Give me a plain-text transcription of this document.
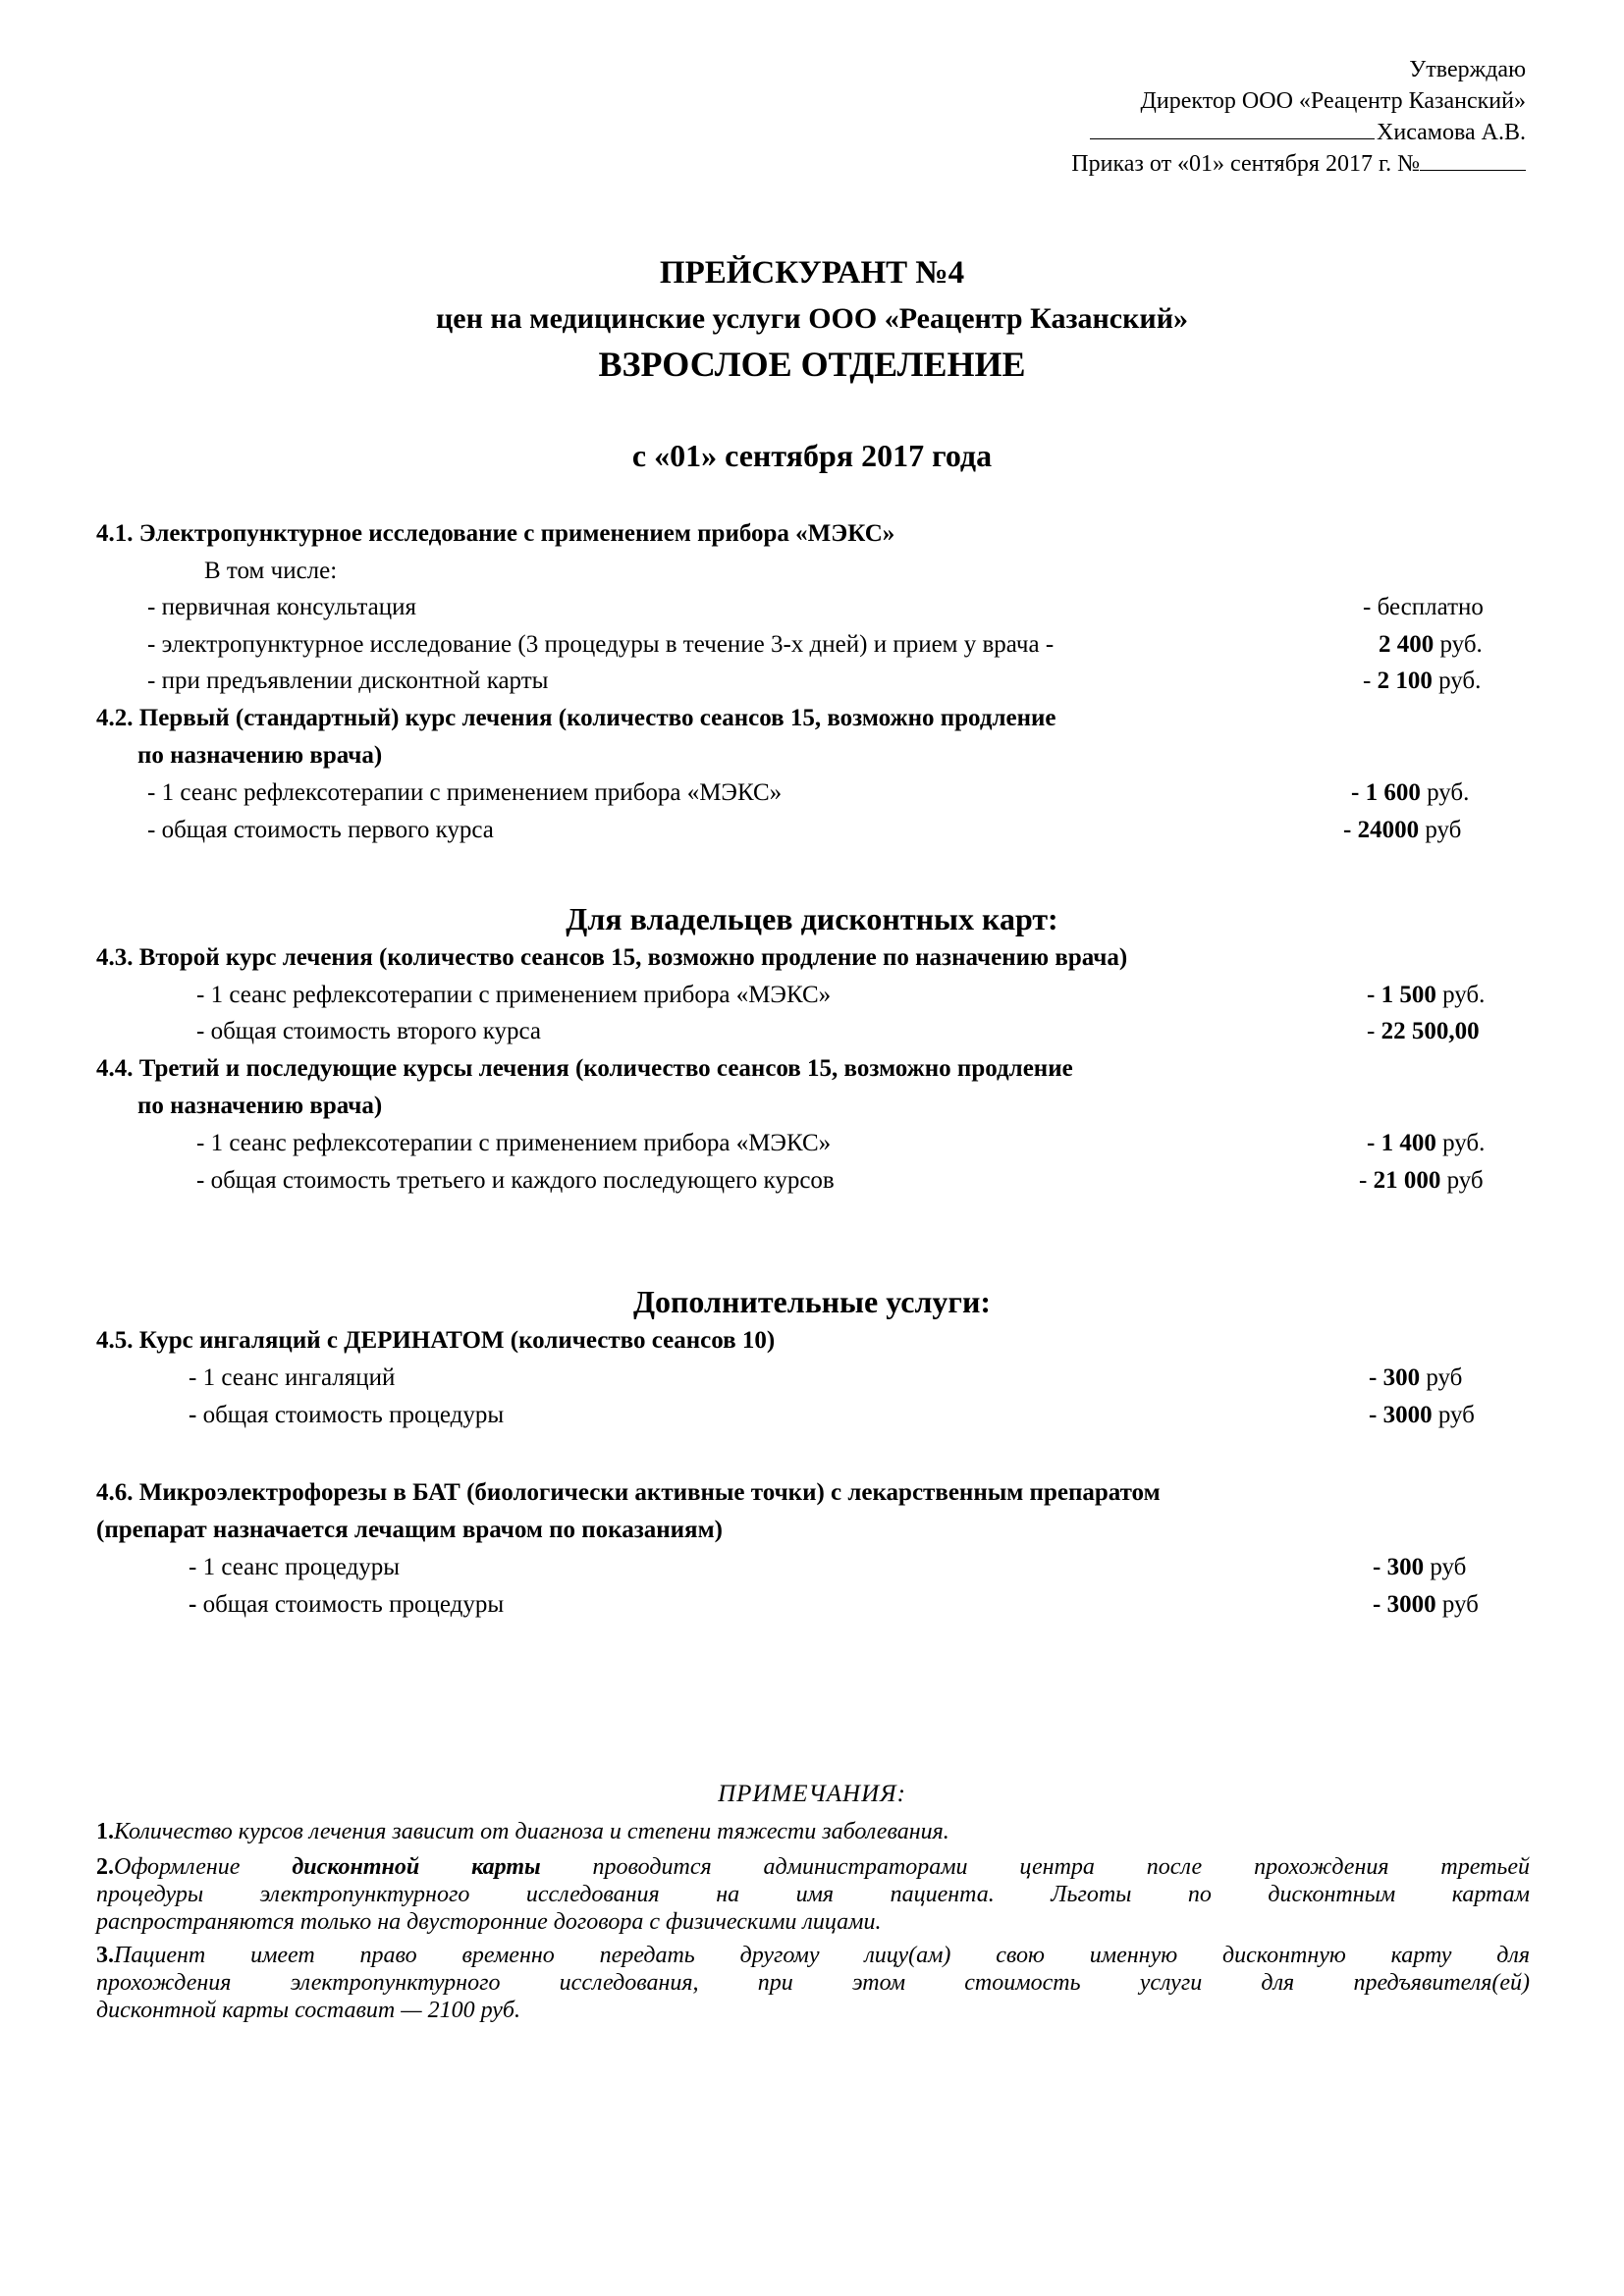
Утверждаю
Директор ООО «Реацентр Казанский»
Хисамова А.В.
Приказ от «01» сентября 2017 г. №
ПРЕЙСКУРАНТ №4
цен на медицинские услуги ООО «Реацентр Казанский»
ВЗРОСЛОЕ ОТДЕЛЕНИЕ
с «01» сентября 2017 года
4.1. Электропунктурное исследование с применением прибора «МЭКС»
В том числе:
- первичная консультация	- бесплатно
- электропунктурное исследование (3 процедуры в течение 3-х дней) и прием у врача -	2 400 руб.
- при предъявлении дисконтной карты	- 2 100 руб.
4.2. Первый (стандартный) курс лечения (количество сеансов 15, возможно продление
по назначению врача)
- 1 сеанс рефлексотерапии с применением прибора «МЭКС»	- 1 600 руб.
- общая стоимость первого курса	- 24000 руб
Для владельцев дисконтных карт:
4.3. Второй курс лечения (количество сеансов 15, возможно продление по назначению врача)
- 1 сеанс рефлексотерапии с применением прибора «МЭКС»	- 1 500 руб.
- общая стоимость второго курса	- 22 500,00
4.4. Третий и последующие курсы лечения (количество сеансов 15, возможно продление
по назначению врача)
- 1 сеанс рефлексотерапии с применением прибора «МЭКС»	- 1 400 руб.
- общая стоимость третьего и каждого последующего курсов	- 21 000 руб
Дополнительные услуги:
4.5. Курс ингаляций с ДЕРИНАТОМ (количество сеансов 10)
- 1 сеанс ингаляций	- 300 руб
- общая стоимость процедуры	- 3000 руб
4.6. Микроэлектрофорезы в БАТ (биологически активные точки) с лекарственным препаратом
(препарат назначается лечащим врачом по показаниям)
- 1 сеанс процедуры	- 300 руб
- общая стоимость процедуры	- 3000 руб
ПРИМЕЧАНИЯ:
1.Количество курсов лечения зависит от диагноза и степени тяжести заболевания.
2.Оформление дисконтной карты проводится администраторами центра после прохождения третьей
процедуры электропунктурного исследования на имя пациента. Льготы по дисконтным картам
распространяются только на двусторонние договора с физическими лицами.
3.Пациент имеет право временно передать другому лицу(ам) свою именную дисконтную карту для
прохождения электропунктурного исследования, при этом стоимость услуги для предъявителя(ей)
дисконтной карты составит — 2100 руб.
